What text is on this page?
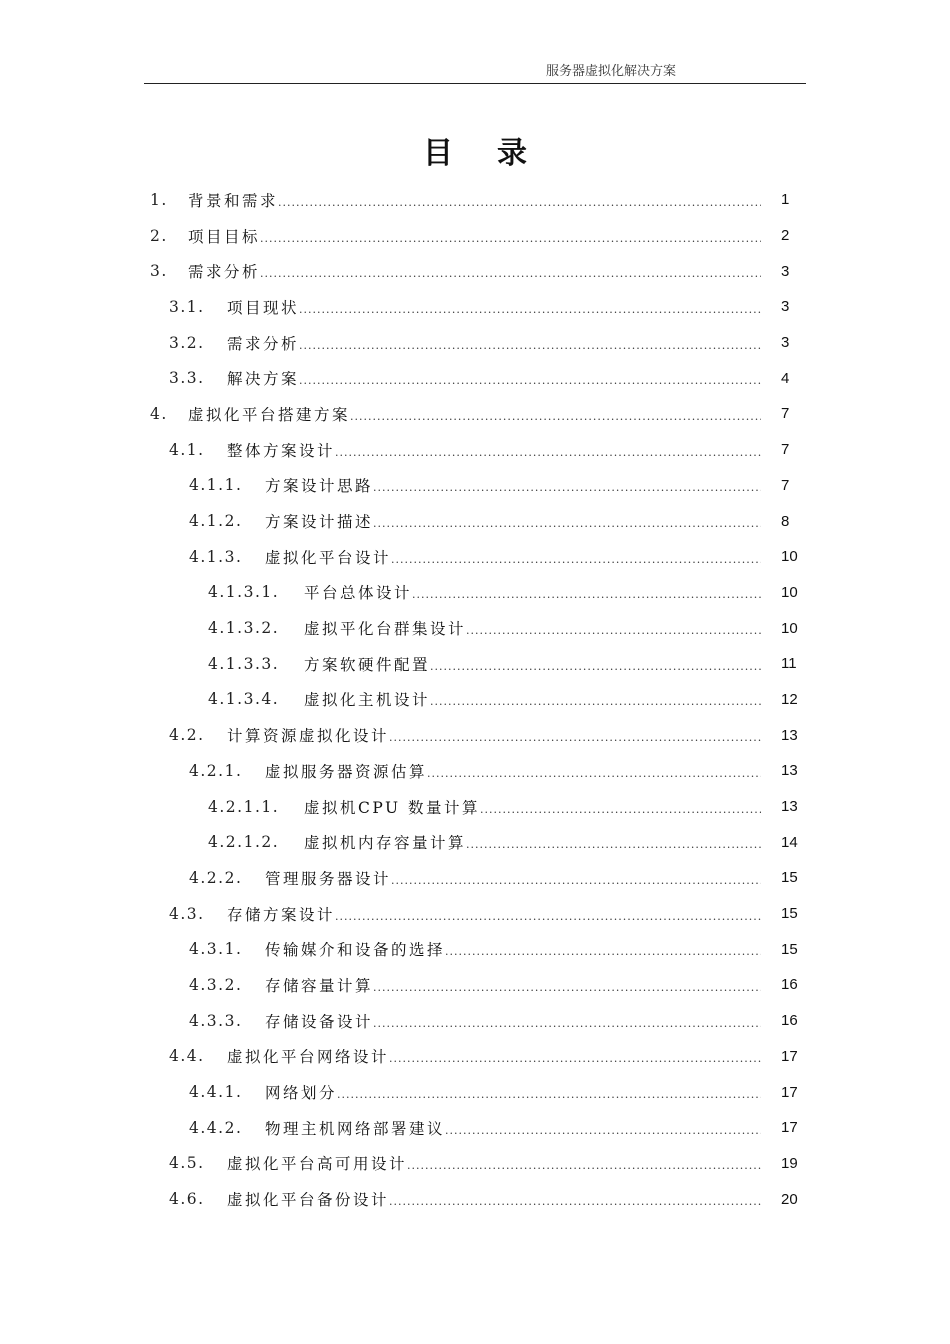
服务器虚拟化解决方案
目录
1. 背景和需求 .....	1
2. 项目目标 .....	2
3. 需求分析 .....	3
3.1. 项目现状 .....	3
3.2. 需求分析 .....	3
3.3. 解决方案 .....	4
4. 虚拟化平台搭建方案 .....	7
4.1. 整体方案设计 .....	7
4.1.1. 方案设计思路 .....	7
4.1.2. 方案设计描述 .....	8
4.1.3. 虚拟化平台设计 .....	10
4.1.3.1. 平台总体设计 .....	10
4.1.3.2. 虚拟平化台群集设计 .....	10
4.1.3.3. 方案软硬件配置 .....	11
4.1.3.4. 虚拟化主机设计 .....	12
4.2. 计算资源虚拟化设计 .....	13
4.2.1. 虚拟服务器资源估算 .....	13
4.2.1.1. 虚拟机CPU 数量计算 .....	13
4.2.1.2. 虚拟机内存容量计算 .....	14
4.2.2. 管理服务器设计 .....	15
4.3. 存储方案设计 .....	15
4.3.1. 传输媒介和设备的选择 .....	15
4.3.2. 存储容量计算 .....	16
4.3.3. 存储设备设计 .....	16
4.4. 虚拟化平台网络设计 .....	17
4.4.1. 网络划分 .....	17
4.4.2. 物理主机网络部署建议 .....	17
4.5. 虚拟化平台高可用设计 .....	19
4.6. 虚拟化平台备份设计 .....	20
